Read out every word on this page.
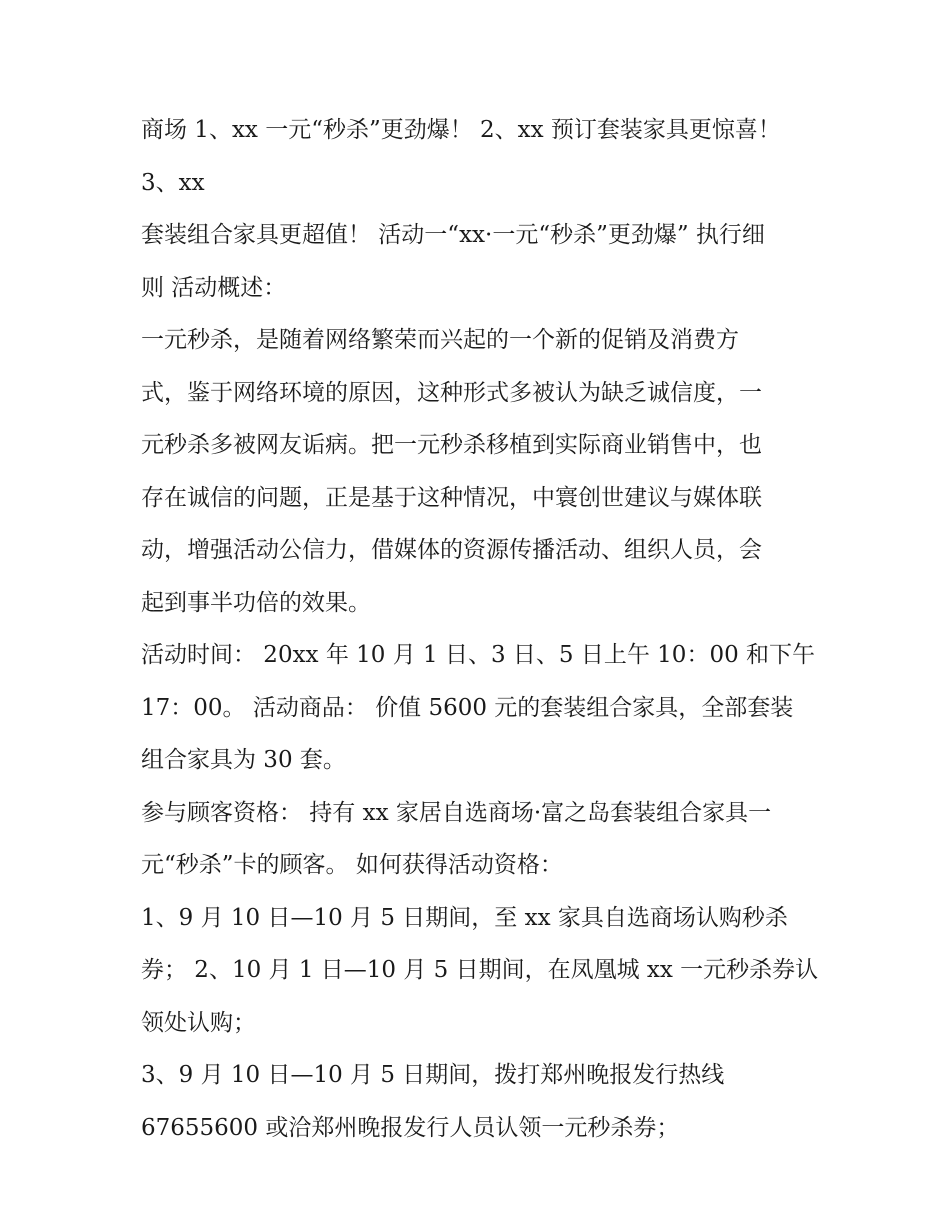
商场 1、xx 一元“秒杀”更劲爆！ 2、xx 预订套装家具更惊喜！
3、xx
套装组合家具更超值！ 活动一“xx·一元“秒杀”更劲爆” 执行细
则 活动概述：
一元秒杀，是随着网络繁荣而兴起的一个新的促销及消费方
式，鉴于网络环境的原因，这种形式多被认为缺乏诚信度，一
元秒杀多被网友诟病。把一元秒杀移植到实际商业销售中，也
存在诚信的问题，正是基于这种情况，中寰创世建议与媒体联
动，增强活动公信力，借媒体的资源传播活动、组织人员，会
起到事半功倍的效果。
活动时间： 20xx 年 10 月 1 日、3 日、5 日上午 10：00 和下午
17：00。 活动商品： 价值 5600 元的套装组合家具，全部套装
组合家具为 30 套。
参与顾客资格： 持有 xx 家居自选商场·富之岛套装组合家具一
元“秒杀”卡的顾客。 如何获得活动资格：
1、9 月 10 日—10 月 5 日期间，至 xx 家具自选商场认购秒杀
券； 2、10 月 1 日—10 月 5 日期间，在凤凰城 xx 一元秒杀券认
领处认购；
3、9 月 10 日—10 月 5 日期间，拨打郑州晚报发行热线
67655600 或洽郑州晚报发行人员认领一元秒杀券；
